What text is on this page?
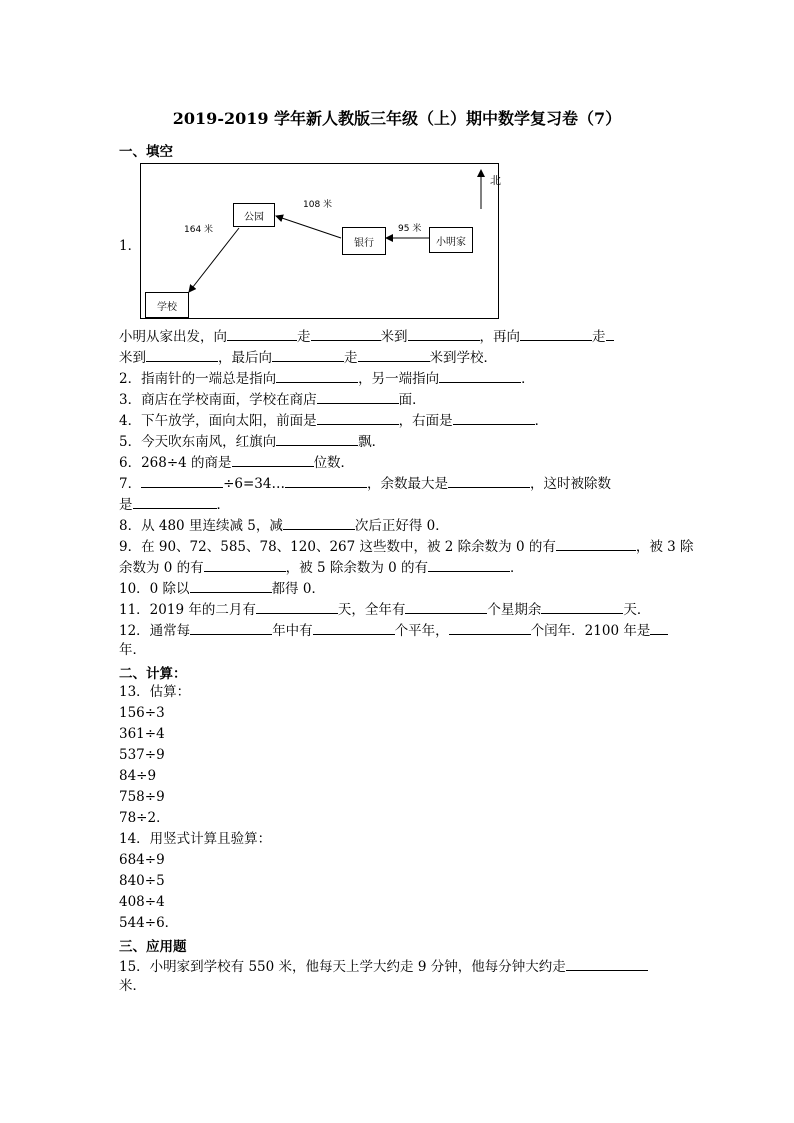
2019-2019 学年新人教版三年级（上）期中数学复习卷（7）
一、填空
1．
公园
银行	小明家
学校
164 米
108 米
95 米
北
小明从家出发，向	走	米到	，再向	走
米到	，最后向	走	米到学校．
2．指南针的一端总是指向	，另一端指向	．
3．商店在学校南面，学校在商店	面．
4．下午放学，面向太阳，前面是	，右面是	．
5．今天吹东南风，红旗向	飘．
6．268÷4 的商是	位数．
7．	÷6=34…	，余数最大是	，这时被除数
是	．
8．从 480 里连续减 5，减	次后正好得 0．
9．在 90、72、585、78、120、267 这些数中，被 2 除余数为 0 的有	，被 3 除
余数为 0 的有	，被 5 除余数为 0 的有	．
10．0 除以	都得 0．
11．2019 年的二月有	天，全年有	个星期余	天．
12．通常每	年中有	个平年，	个闰年．2100 年是
年．
二、计算：
13．估算：
156÷3
361÷4
537÷9
84÷9
758÷9
78÷2．
14．用竖式计算且验算：
684÷9
840÷5
408÷4
544÷6．
三、应用题
15．小明家到学校有 550 米，他每天上学大约走 9 分钟，他每分钟大约走
米．
